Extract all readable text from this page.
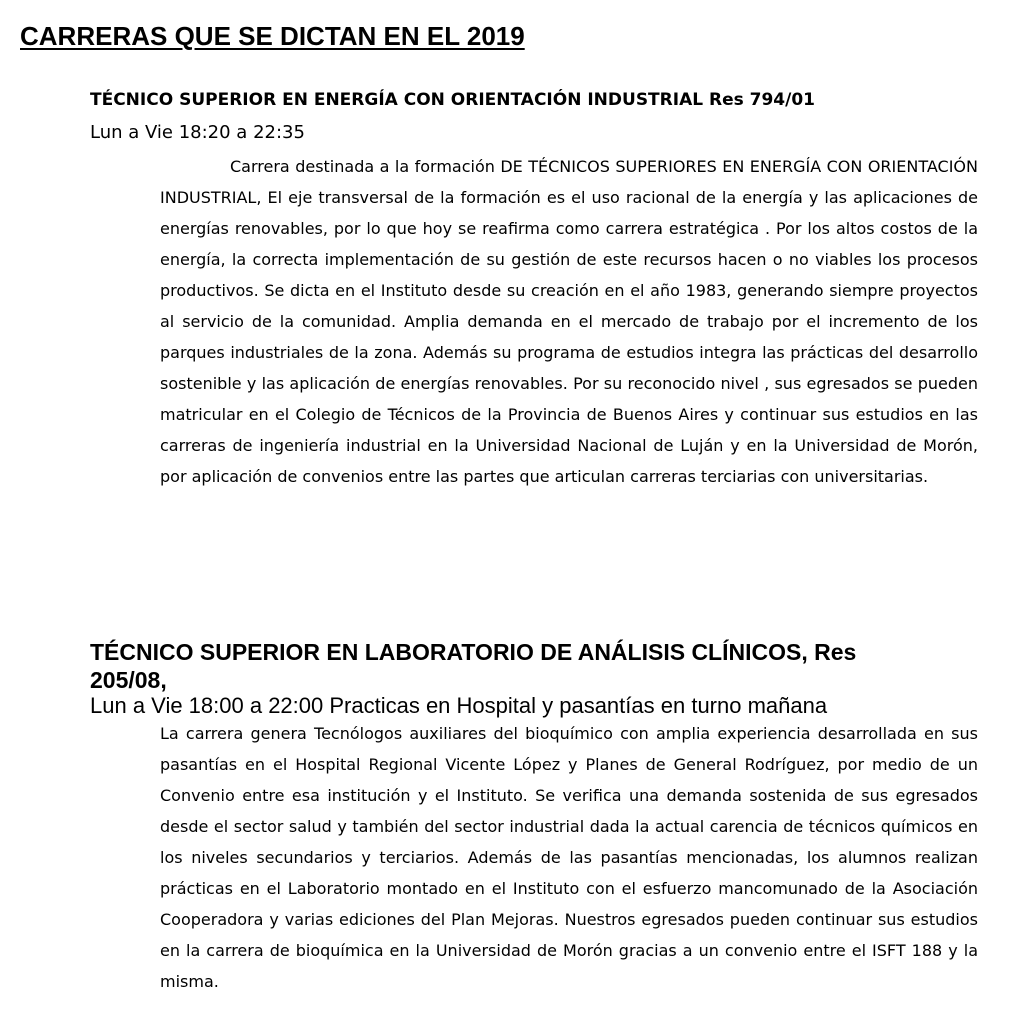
CARRERAS QUE SE DICTAN EN EL 2019
TÉCNICO SUPERIOR EN ENERGÍA CON ORIENTACIÓN INDUSTRIAL Res 794/01

Lun a Vie 18:20 a 22:35

Carrera destinada a la formación DE TÉCNICOS SUPERIORES EN ENERGÍA CON ORIENTACIÓN INDUSTRIAL, El eje transversal de la formación es el uso racional de la energía y las aplicaciones de energías renovables, por lo que hoy se reafirma como carrera estratégica . Por los altos costos de la energía, la correcta implementación de su gestión de este recursos hacen o no viables los procesos productivos. Se dicta en el Instituto desde su creación en el año 1983, generando siempre proyectos al servicio de la comunidad. Amplia demanda en el mercado de trabajo por el incremento de los parques industriales de la zona. Además su programa de estudios integra las prácticas del desarrollo sostenible y las aplicación de energías renovables. Por su reconocido nivel , sus egresados se pueden matricular en el Colegio de Técnicos de la Provincia de Buenos Aires y continuar sus estudios en las carreras de ingeniería industrial en la Universidad Nacional de Luján y en la Universidad de Morón, por aplicación de convenios entre las partes que articulan carreras terciarias con universitarias.

TÉCNICO SUPERIOR EN LABORATORIO DE ANÁLISIS CLÍNICOS, Res 205/08,

Lun a Vie 18:00 a 22:00 Practicas en Hospital y pasantías en turno mañana

La carrera genera Tecnólogos auxiliares del bioquímico con amplia experiencia desarrollada en sus pasantías en el Hospital Regional Vicente López y Planes de General Rodríguez, por medio de un Convenio entre esa institución y el Instituto. Se verifica una demanda sostenida de sus egresados desde el sector salud y también del sector industrial dada la actual carencia de técnicos químicos en los niveles secundarios y terciarios. Además de las pasantías mencionadas, los alumnos realizan prácticas en el Laboratorio montado en el Instituto con el esfuerzo mancomunado de la Asociación Cooperadora y varias ediciones del Plan Mejoras. Nuestros egresados pueden continuar sus estudios en la carrera de bioquímica en la Universidad de Morón gracias a un convenio entre el ISFT 188 y la misma.
